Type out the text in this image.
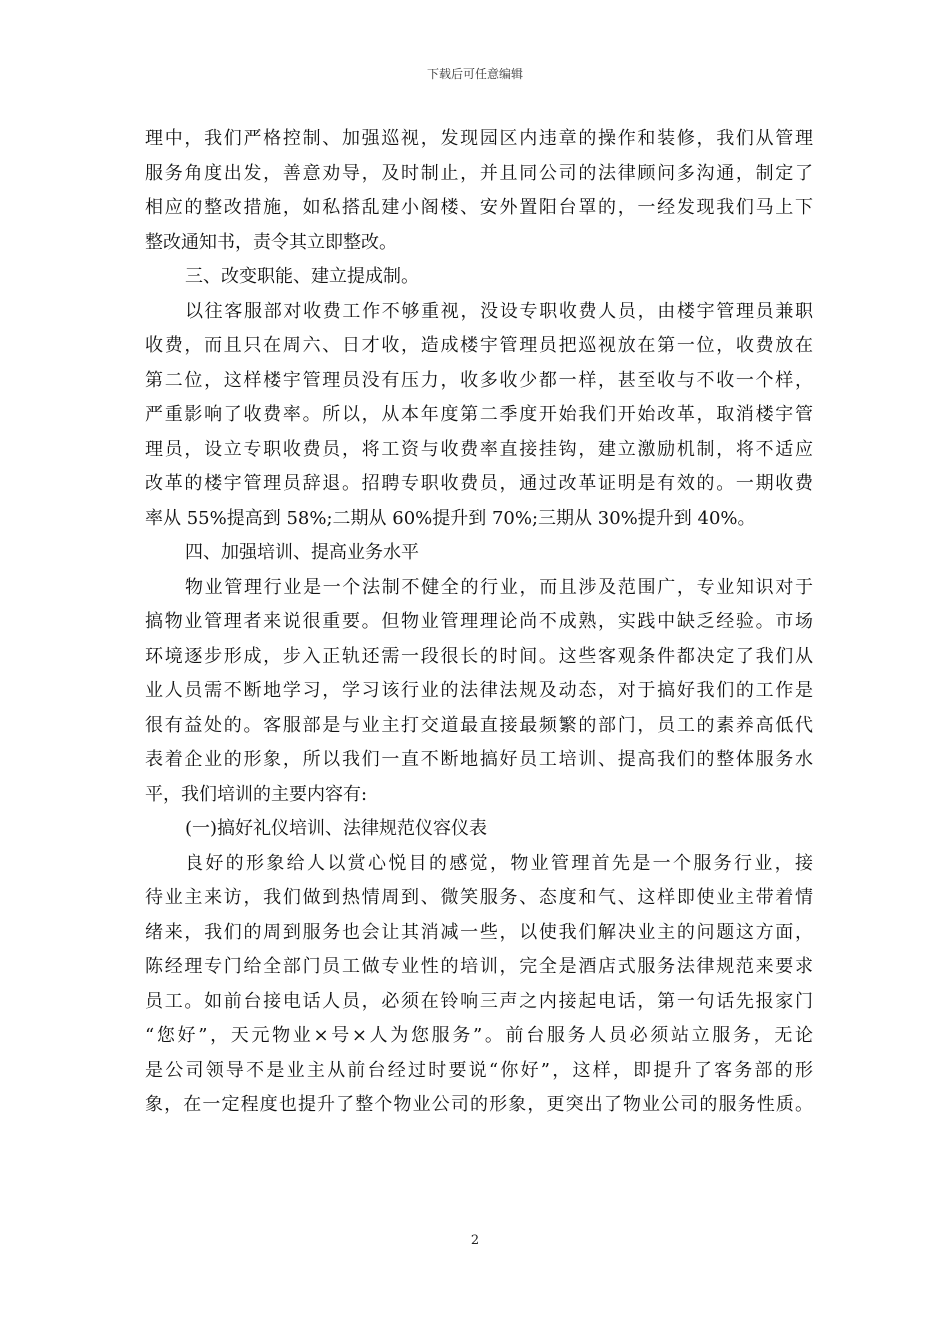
下载后可任意编辑
理中，我们严格控制、加强巡视，发现园区内违章的操作和装修，我们从管理
服务角度出发，善意劝导，及时制止，并且同公司的法律顾问多沟通，制定了
相应的整改措施，如私搭乱建小阁楼、安外置阳台罩的，一经发现我们马上下
整改通知书，责令其立即整改。
三、改变职能、建立提成制。
以往客服部对收费工作不够重视，没设专职收费人员，由楼宇管理员兼职
收费，而且只在周六、日才收，造成楼宇管理员把巡视放在第一位，收费放在
第二位，这样楼宇管理员没有压力，收多收少都一样，甚至收与不收一个样，
严重影响了收费率。所以，从本年度第二季度开始我们开始改革，取消楼宇管
理员，设立专职收费员，将工资与收费率直接挂钩，建立激励机制，将不适应
改革的楼宇管理员辞退。招聘专职收费员，通过改革证明是有效的。一期收费
率从 55%提高到 58%;二期从 60%提升到 70%;三期从 30%提升到 40%。
四、加强培训、提高业务水平
物业管理行业是一个法制不健全的行业，而且涉及范围广，专业知识对于
搞物业管理者来说很重要。但物业管理理论尚不成熟，实践中缺乏经验。市场
环境逐步形成，步入正轨还需一段很长的时间。这些客观条件都决定了我们从
业人员需不断地学习，学习该行业的法律法规及动态，对于搞好我们的工作是
很有益处的。客服部是与业主打交道最直接最频繁的部门，员工的素养高低代
表着企业的形象，所以我们一直不断地搞好员工培训、提高我们的整体服务水
平，我们培训的主要内容有:
(一)搞好礼仪培训、法律规范仪容仪表
良好的形象给人以赏心悦目的感觉，物业管理首先是一个服务行业，接
待业主来访，我们做到热情周到、微笑服务、态度和气、这样即使业主带着情
绪来，我们的周到服务也会让其消减一些，以使我们解决业主的问题这方面，
陈经理专门给全部门员工做专业性的培训，完全是酒店式服务法律规范来要求
员工。如前台接电话人员，必须在铃响三声之内接起电话，第一句话先报家门
“您好”，天元物业×号×人为您服务”。前台服务人员必须站立服务，无论
是公司领导不是业主从前台经过时要说“你好”，这样，即提升了客务部的形
象，在一定程度也提升了整个物业公司的形象，更突出了物业公司的服务性质。
2
